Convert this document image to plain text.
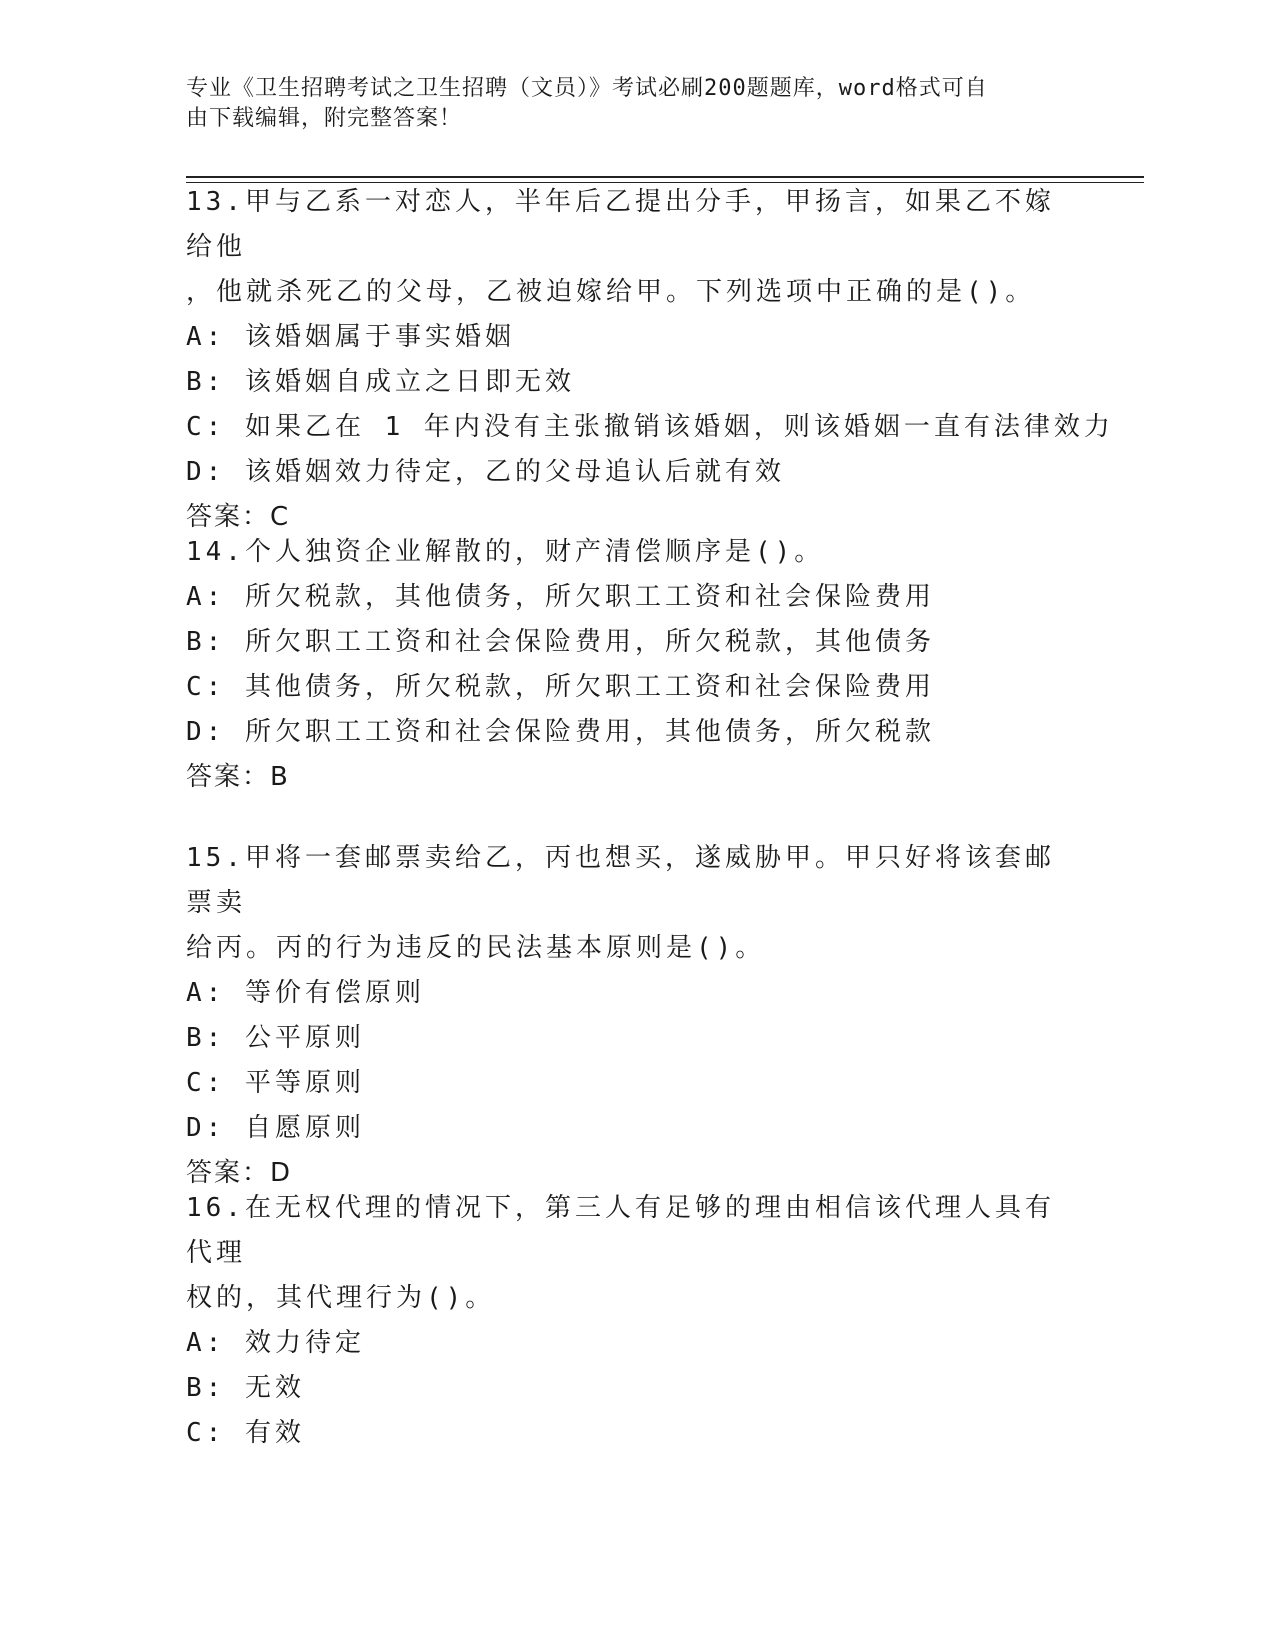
专业《卫生招聘考试之卫生招聘（文员）》考试必刷200题题库，word格式可自
由下载编辑，附完整答案！
13.甲与乙系一对恋人，半年后乙提出分手，甲扬言，如果乙不嫁给他
，他就杀死乙的父母，乙被迫嫁给甲。下列选项中正确的是()。
A: 该婚姻属于事实婚姻
B: 该婚姻自成立之日即无效
C: 如果乙在 1 年内没有主张撤销该婚姻，则该婚姻一直有法律效力
D: 该婚姻效力待定，乙的父母追认后就有效
答案：C
14.个人独资企业解散的，财产清偿顺序是()。
A: 所欠税款，其他债务，所欠职工工资和社会保险费用
B: 所欠职工工资和社会保险费用，所欠税款，其他债务
C: 其他债务，所欠税款，所欠职工工资和社会保险费用
D: 所欠职工工资和社会保险费用，其他债务，所欠税款
答案：B
15.甲将一套邮票卖给乙，丙也想买，遂威胁甲。甲只好将该套邮票卖
给丙。丙的行为违反的民法基本原则是()。
A: 等价有偿原则
B: 公平原则
C: 平等原则
D: 自愿原则
答案：D
16.在无权代理的情况下，第三人有足够的理由相信该代理人具有代理
权的，其代理行为()。
A: 效力待定
B: 无效
C: 有效
